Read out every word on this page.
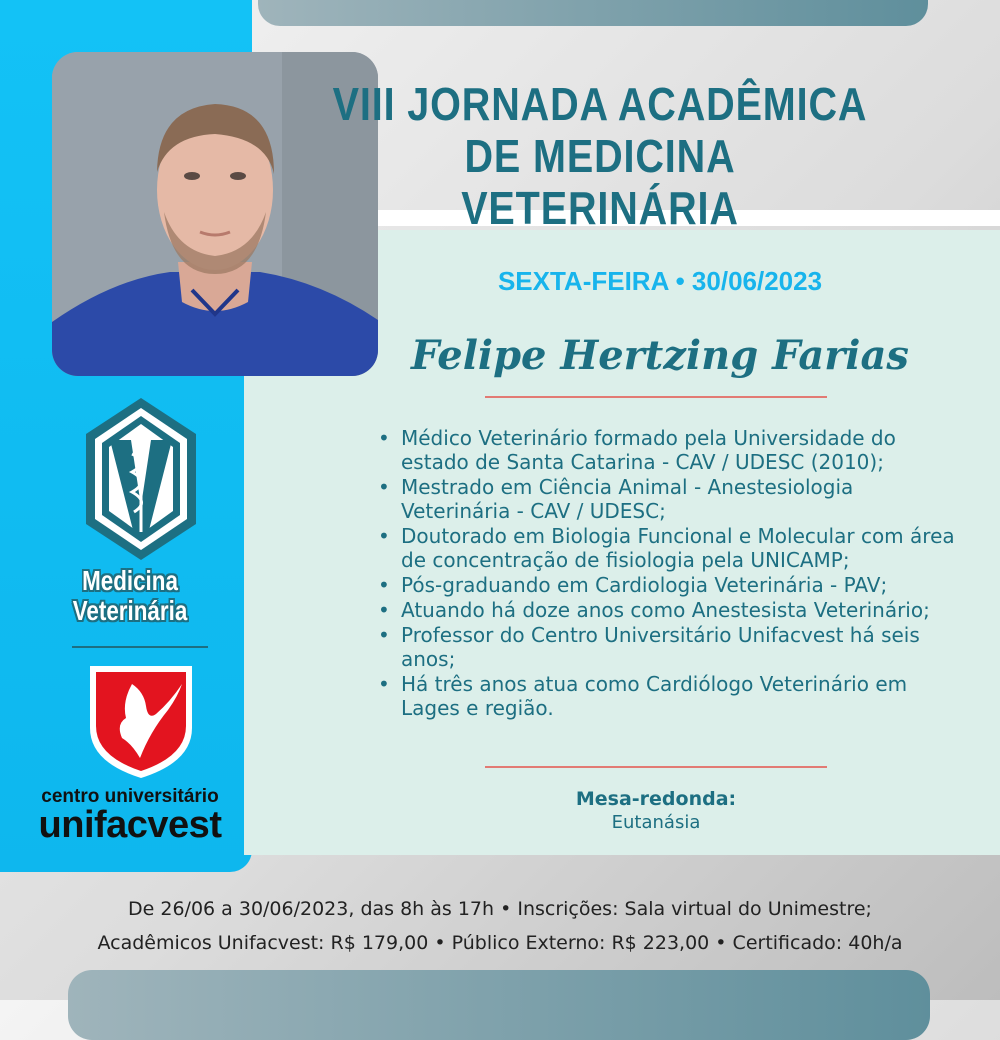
VIII JORNADA ACADÊMICA
DE MEDICINA VETERINÁRIA
SEXTA-FEIRA • 30/06/2023
Felipe Hertzing Farias
• Médico Veterinário formado pela Universidade do estado de Santa Catarina - CAV / UDESC (2010);
• Mestrado em Ciência Animal - Anestesiologia Veterinária - CAV / UDESC;
• Doutorado em Biologia Funcional e Molecular com área de concentração de fisiologia pela UNICAMP;
• Pós-graduando em Cardiologia Veterinária - PAV;
• Atuando há doze anos como Anestesista Veterinário;
• Professor do Centro Universitário Unifacvest há seis anos;
• Há três anos atua como Cardiólogo Veterinário em Lages e região.
Mesa-redonda:
Eutanásia
Medicina
Veterinária
centro universitário
unifacvest
De 26/06 a 30/06/2023, das 8h às 17h • Inscrições: Sala virtual do Unimestre;
Acadêmicos Unifacvest: R$ 179,00 • Público Externo: R$ 223,00 • Certificado: 40h/a
